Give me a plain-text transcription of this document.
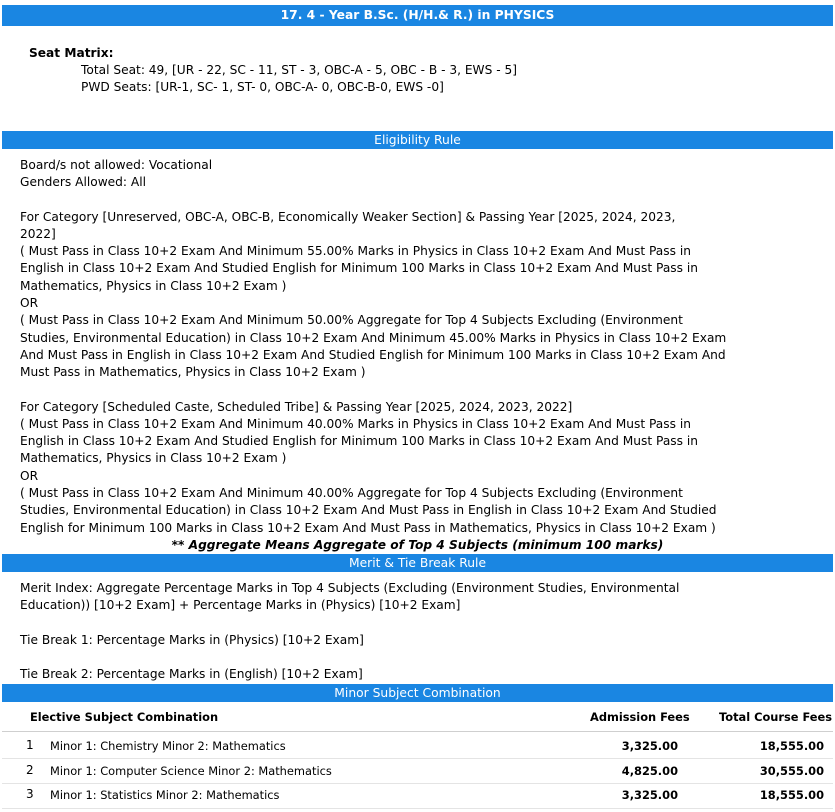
17. 4 - Year B.Sc. (H/H.& R.) in PHYSICS
Seat Matrix:
Total Seat: 49, [UR - 22, SC - 11, ST - 3, OBC-A - 5, OBC - B - 3, EWS - 5]
PWD Seats: [UR-1, SC- 1, ST- 0, OBC-A- 0, OBC-B-0, EWS -0]
Eligibility Rule
Board/s not allowed: Vocational
Genders Allowed: All
For Category [Unreserved, OBC-A, OBC-B, Economically Weaker Section] & Passing Year [2025, 2024, 2023,
2022]
( Must Pass in Class 10+2 Exam And Minimum 55.00% Marks in Physics in Class 10+2 Exam And Must Pass in
English in Class 10+2 Exam And Studied English for Minimum 100 Marks in Class 10+2 Exam And Must Pass in
Mathematics, Physics in Class 10+2 Exam )
OR
( Must Pass in Class 10+2 Exam And Minimum 50.00% Aggregate for Top 4 Subjects Excluding (Environment
Studies, Environmental Education) in Class 10+2 Exam And Minimum 45.00% Marks in Physics in Class 10+2 Exam
And Must Pass in English in Class 10+2 Exam And Studied English for Minimum 100 Marks in Class 10+2 Exam And
Must Pass in Mathematics, Physics in Class 10+2 Exam )
For Category [Scheduled Caste, Scheduled Tribe] & Passing Year [2025, 2024, 2023, 2022]
( Must Pass in Class 10+2 Exam And Minimum 40.00% Marks in Physics in Class 10+2 Exam And Must Pass in
English in Class 10+2 Exam And Studied English for Minimum 100 Marks in Class 10+2 Exam And Must Pass in
Mathematics, Physics in Class 10+2 Exam )
OR
( Must Pass in Class 10+2 Exam And Minimum 40.00% Aggregate for Top 4 Subjects Excluding (Environment
Studies, Environmental Education) in Class 10+2 Exam And Must Pass in English in Class 10+2 Exam And Studied
English for Minimum 100 Marks in Class 10+2 Exam And Must Pass in Mathematics, Physics in Class 10+2 Exam )
** Aggregate Means Aggregate of Top 4 Subjects (minimum 100 marks)
Merit & Tie Break Rule
Merit Index: Aggregate Percentage Marks in Top 4 Subjects (Excluding (Environment Studies, Environmental
Education)) [10+2 Exam] + Percentage Marks in (Physics) [10+2 Exam]
Tie Break 1: Percentage Marks in (Physics) [10+2 Exam]
Tie Break 2: Percentage Marks in (English) [10+2 Exam]
Minor Subject Combination
Elective Subject Combination	Admission Fees	Total Course Fees
1 Minor 1: Chemistry Minor 2: Mathematics	3,325.00	18,555.00
2 Minor 1: Computer Science Minor 2: Mathematics	4,825.00	30,555.00
3 Minor 1: Statistics Minor 2: Mathematics	3,325.00	18,555.00
